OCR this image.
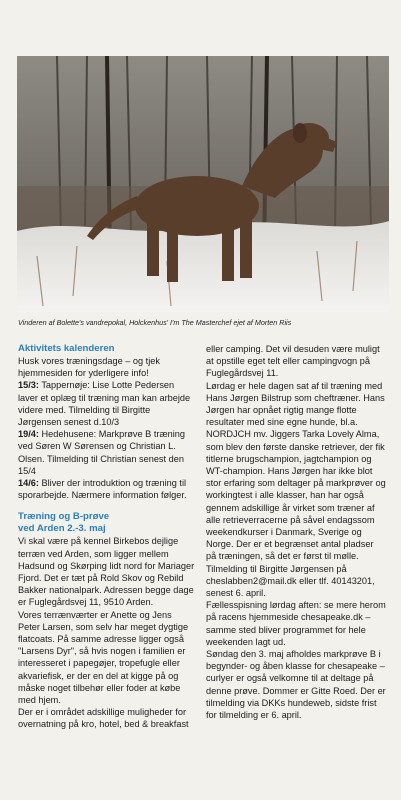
Vinderen af Bolette's vandrepokal, Holckenhus' I'm The Masterchef ejet af Morten Riis

Aktivitets kalenderen

Husk vores træningsdage – og tjek hjemmesiden for yderligere info!

15/3: Tappernøje: Lise Lotte Pedersen laver et oplæg til træning man kan arbejde videre med. Tilmelding til Birgitte Jørgensen senest d.10/3

19/4: Hedehusene: Markprøve B træning ved Søren W Sørensen og Christian L. Olsen. Tilmelding til Christian senest den 15/4

14/6: Bliver der introduktion og træning til sporarbejde. Nærmere information følger.

Træning og B-prøve

ved Arden 2.-3. maj

Vi skal være på kennel Birkebos dejlige terræn ved Arden, som ligger mellem Hadsund og Skørping lidt nord for Mariager Fjord. Det er tæt på Rold Skov og Rebild Bakker nationalpark. Adressen begge dage er Fuglegårdsvej 11, 9510 Arden.

Vores terrænværter er Anette og Jens Peter Larsen, som selv har meget dygtige flatcoats. På samme adresse ligger også "Larsens Dyr", så hvis nogen i familien er interesseret i papegøjer, tropefugle eller akvariefisk, er der en del at kigge på og måske noget tilbehør eller foder at købe med hjem.

Der er i området adskillige muligheder for overnatning på kro, hotel, bed & breakfast

eller camping. Det vil desuden være muligt at opstille eget telt eller campingvogn på Fuglegårdsvej 11.

Lørdag er hele dagen sat af til træning med Hans Jørgen Bilstrup som cheftræner. Hans Jørgen har opnået rigtig mange flotte resultater med sine egne hunde, bl.a. NORDJCH mv. Jiggers Tarka Lovely Alma, som blev den første danske retriever, der fik titlerne brugschampion, jagtchampion og WT-champion. Hans Jørgen har ikke blot stor erfaring som deltager på markprøver og workingtest i alle klasser, han har også gennem adskillige år virket som træner af alle retrieverracerne på såvel endagssom weekendkurser i Danmark, Sverige og Norge. Der er et begrænset antal pladser på træningen, så det er først til mølle. Tilmelding til Birgitte Jørgensen på cheslabben2@mail.dk eller tlf. 40143201, senest 6. april.

Fællesspisning lørdag aften: se mere herom på racens hjemmeside chesapeake.dk – samme sted bliver programmet for hele weekenden lagt ud.

Søndag den 3. maj afholdes markprøve B i begynder- og åben klasse for chesapeake – curlyer er også velkomne til at deltage på denne prøve. Dommer er Gitte Roed. Der er tilmelding via DKKs hundeweb, sidste frist for tilmelding er 6. april.
